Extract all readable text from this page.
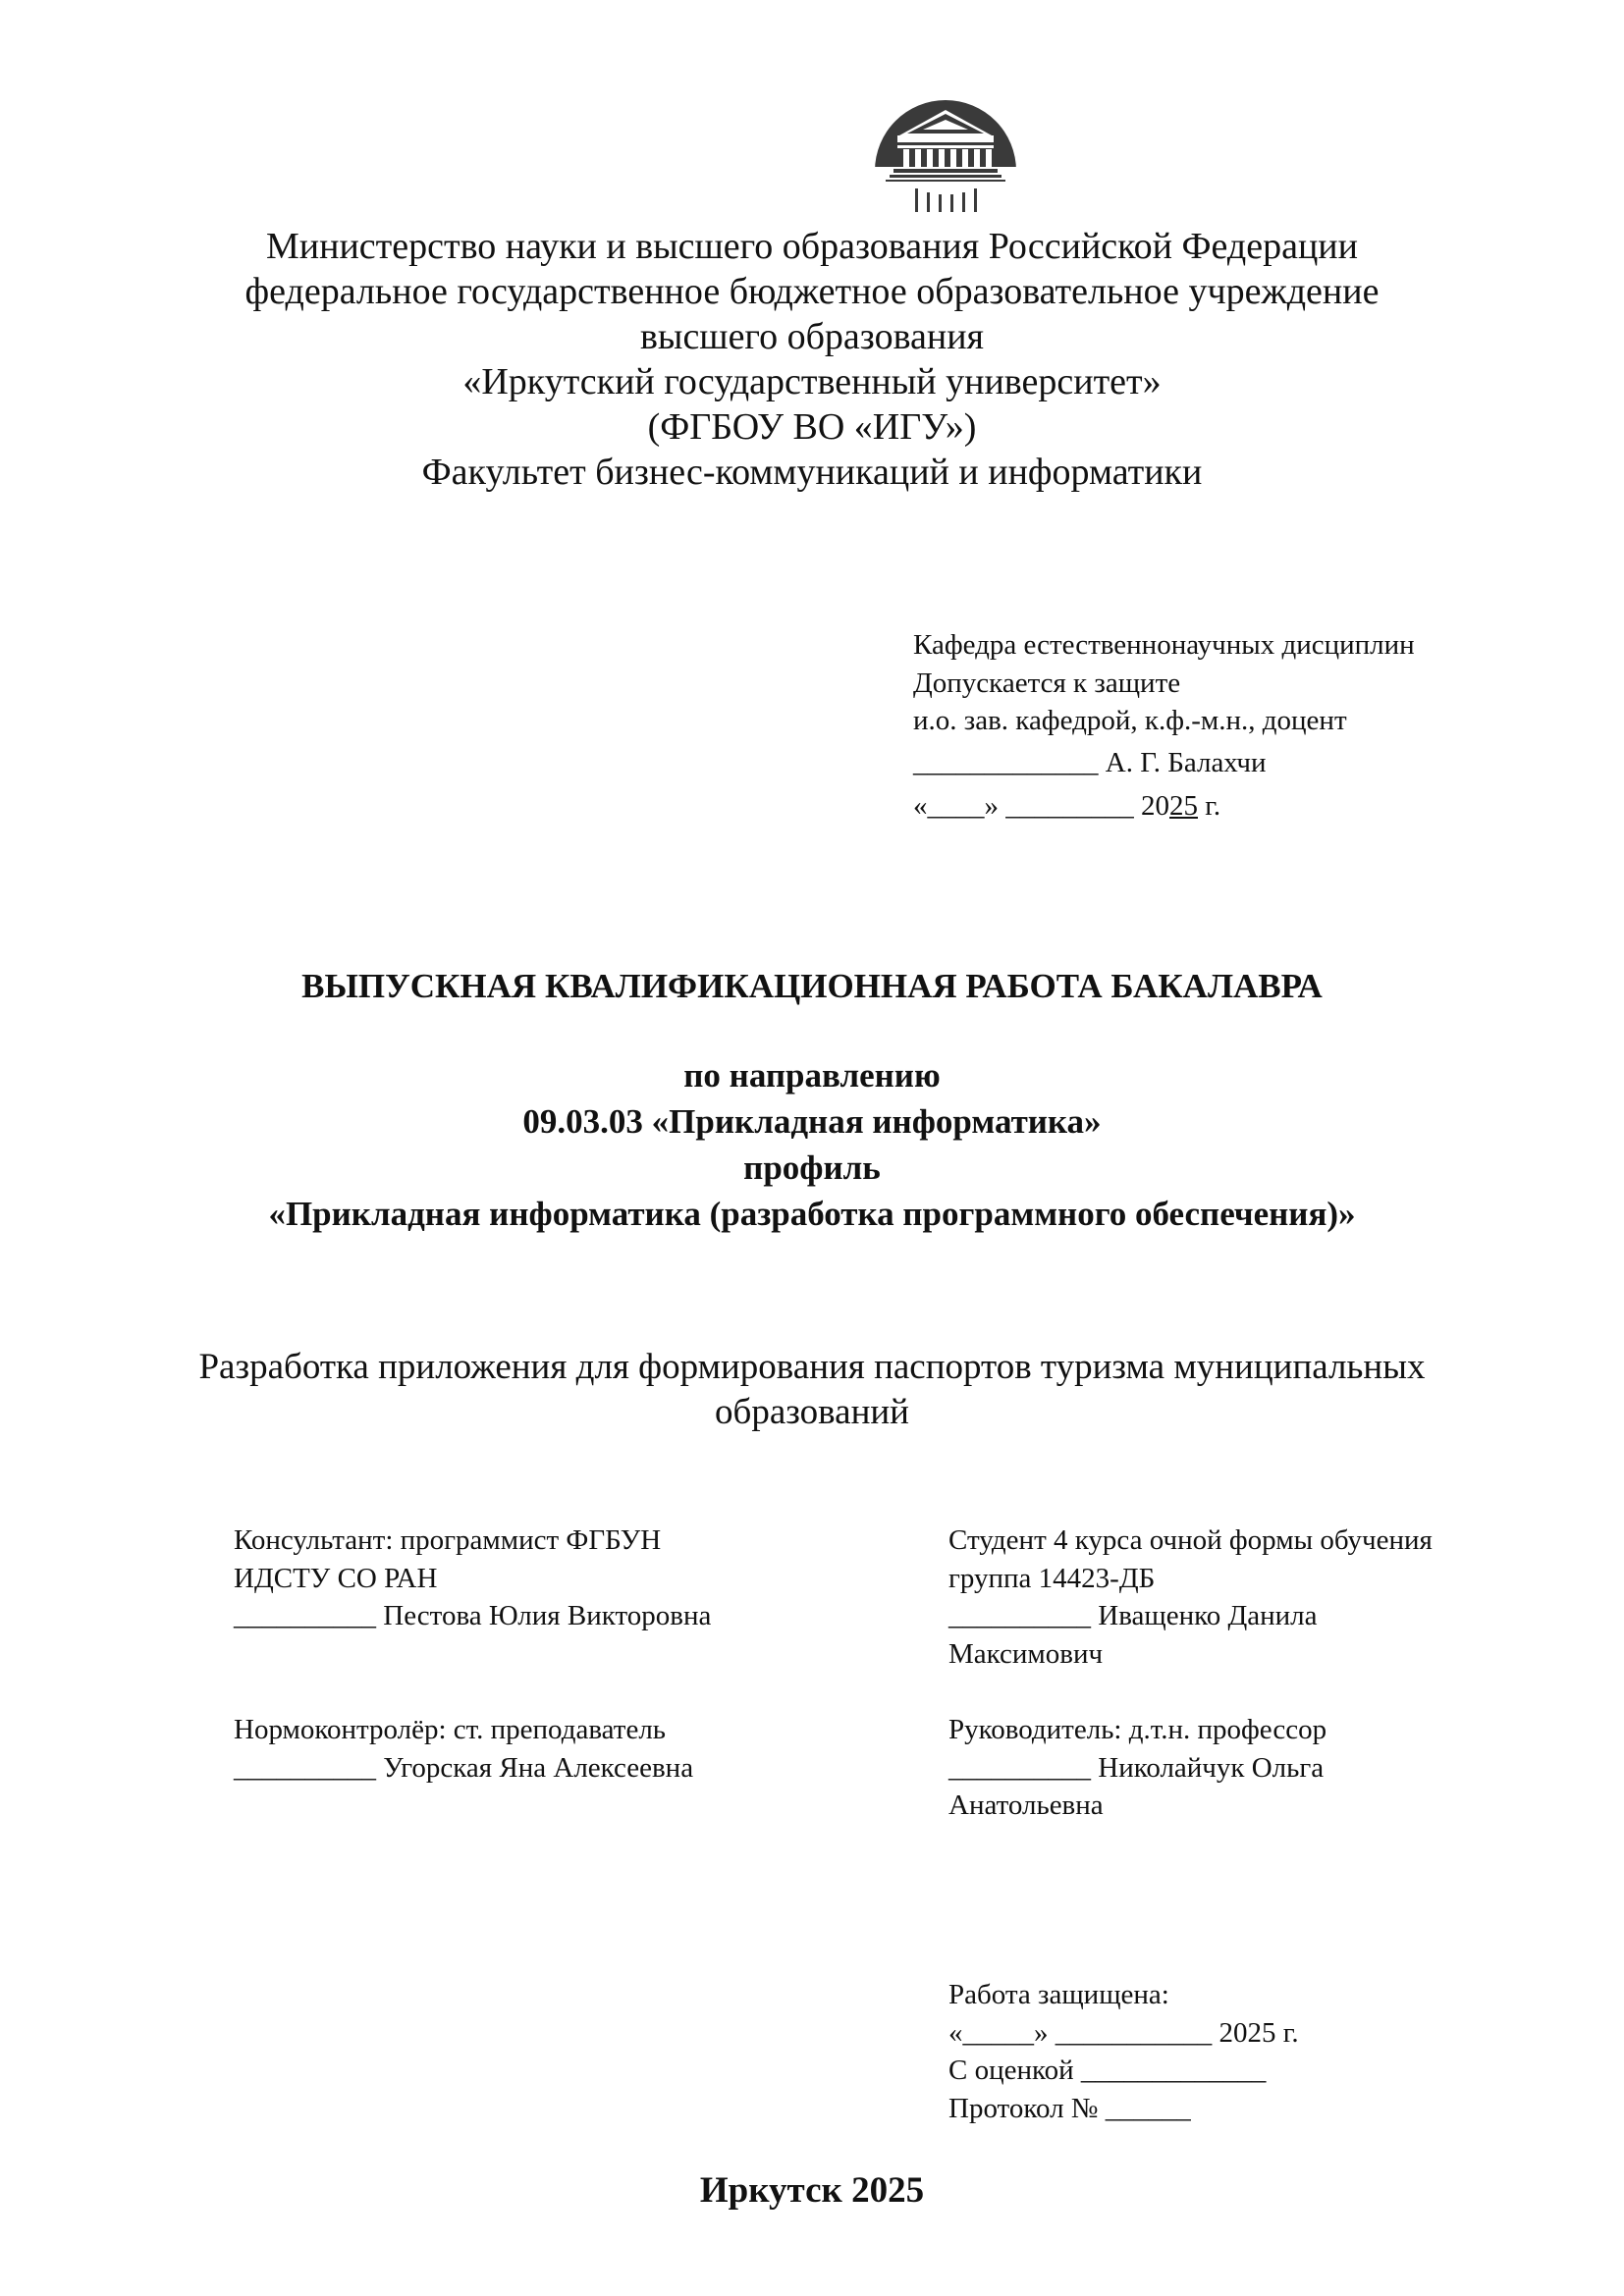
Министерство науки и высшего образования Российской Федерации
федеральное государственное бюджетное образовательное учреждение
высшего образования
«Иркутский государственный университет»
(ФГБОУ ВО «ИГУ»)
Факультет бизнес-коммуникаций и информатики
Кафедра естественнонаучных дисциплин
Допускается к защите
и.о. зав. кафедрой, к.ф.-м.н., доцент
_____________ А. Г. Балахчи
«____» _________ 2025 г.
ВЫПУСКНАЯ КВАЛИФИКАЦИОННАЯ РАБОТА БАКАЛАВРА
по направлению
09.03.03 «Прикладная информатика»
профиль
«Прикладная информатика (разработка программного обеспечения)»
Разработка приложения для формирования паспортов туризма муниципальных
образований
Консультант: программист ФГБУН
ИДСТУ СО РАН
__________ Пестова Юлия Викторовна
Нормоконтролёр: ст. преподаватель
__________ Угорская Яна Алексеевна
Студент 4 курса очной формы обучения
группа 14423-ДБ
__________ Иващенко Данила
Максимович
Руководитель: д.т.н. профессор
__________ Николайчук Ольга
Анатольевна
Работа защищена:
«_____» ___________ 2025 г.
С оценкой _____________
Протокол № ______
Иркутск 2025
